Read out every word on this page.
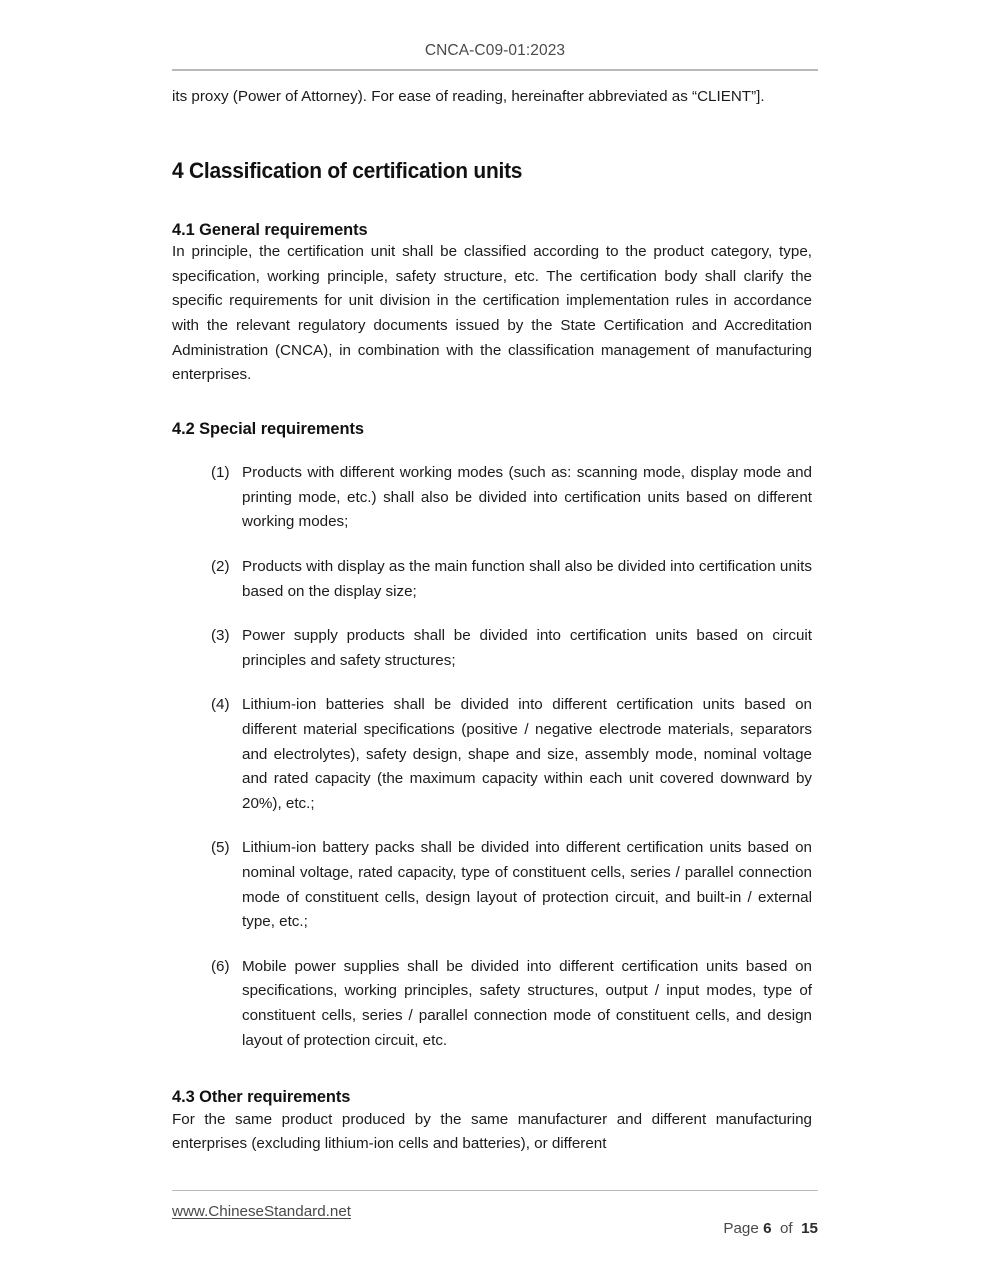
CNCA-C09-01:2023

its proxy (Power of Attorney). For ease of reading, hereinafter abbreviated as “CLIENT”].

4 Classification of certification units
4.1 General requirements

In principle, the certification unit shall be classified according to the product category, type, specification, working principle, safety structure, etc. The certification body shall clarify the specific requirements for unit division in the certification implementation rules in accordance with the relevant regulatory documents issued by the State Certification and Accreditation Administration (CNCA), in combination with the classification management of manufacturing enterprises.

4.2 Special requirements
(1) Products with different working modes (such as: scanning mode, display mode and printing mode, etc.) shall also be divided into certification units based on different working modes;
(2) Products with display as the main function shall also be divided into certification units based on the display size;
(3) Power supply products shall be divided into certification units based on circuit principles and safety structures;
(4) Lithium-ion batteries shall be divided into different certification units based on different material specifications (positive / negative electrode materials, separators and electrolytes), safety design, shape and size, assembly mode, nominal voltage and rated capacity (the maximum capacity within each unit covered downward by 20%), etc.;
(5) Lithium-ion battery packs shall be divided into different certification units based on nominal voltage, rated capacity, type of constituent cells, series / parallel connection mode of constituent cells, design layout of protection circuit, and built-in / external type, etc.;
(6) Mobile power supplies shall be divided into different certification units based on specifications, working principles, safety structures, output / input modes, type of constituent cells, series / parallel connection mode of constituent cells, and design layout of protection circuit, etc.
4.3 Other requirements

For the same product produced by the same manufacturer and different manufacturing enterprises (excluding lithium-ion cells and batteries), or different

www.ChineseStandard.net

Page 6 of 15
